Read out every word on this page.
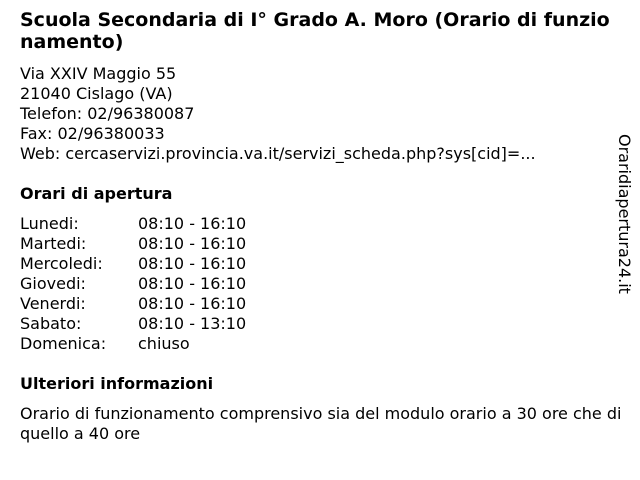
Scuola Secondaria di I° Grado A. Moro (Orario di funzionamento)
Via XXIV Maggio 55
21040 Cislago (VA)
Telefon: 02/96380087
Fax: 02/96380033
Web: cercaservizi.provincia.va.it/servizi_scheda.php?sys[cid]=...
Orari di apertura
Lunedi:	08:10 - 16:10
Martedi:	08:10 - 16:10
Mercoledi:	08:10 - 16:10
Giovedi:	08:10 - 16:10
Venerdi:	08:10 - 16:10
Sabato:	08:10 - 13:10
Domenica:	chiuso
Ulteriori informazioni
Orario di funzionamento comprensivo sia del modulo orario a 30 ore che di quello a 40 ore
Oraridiapertura24.it
